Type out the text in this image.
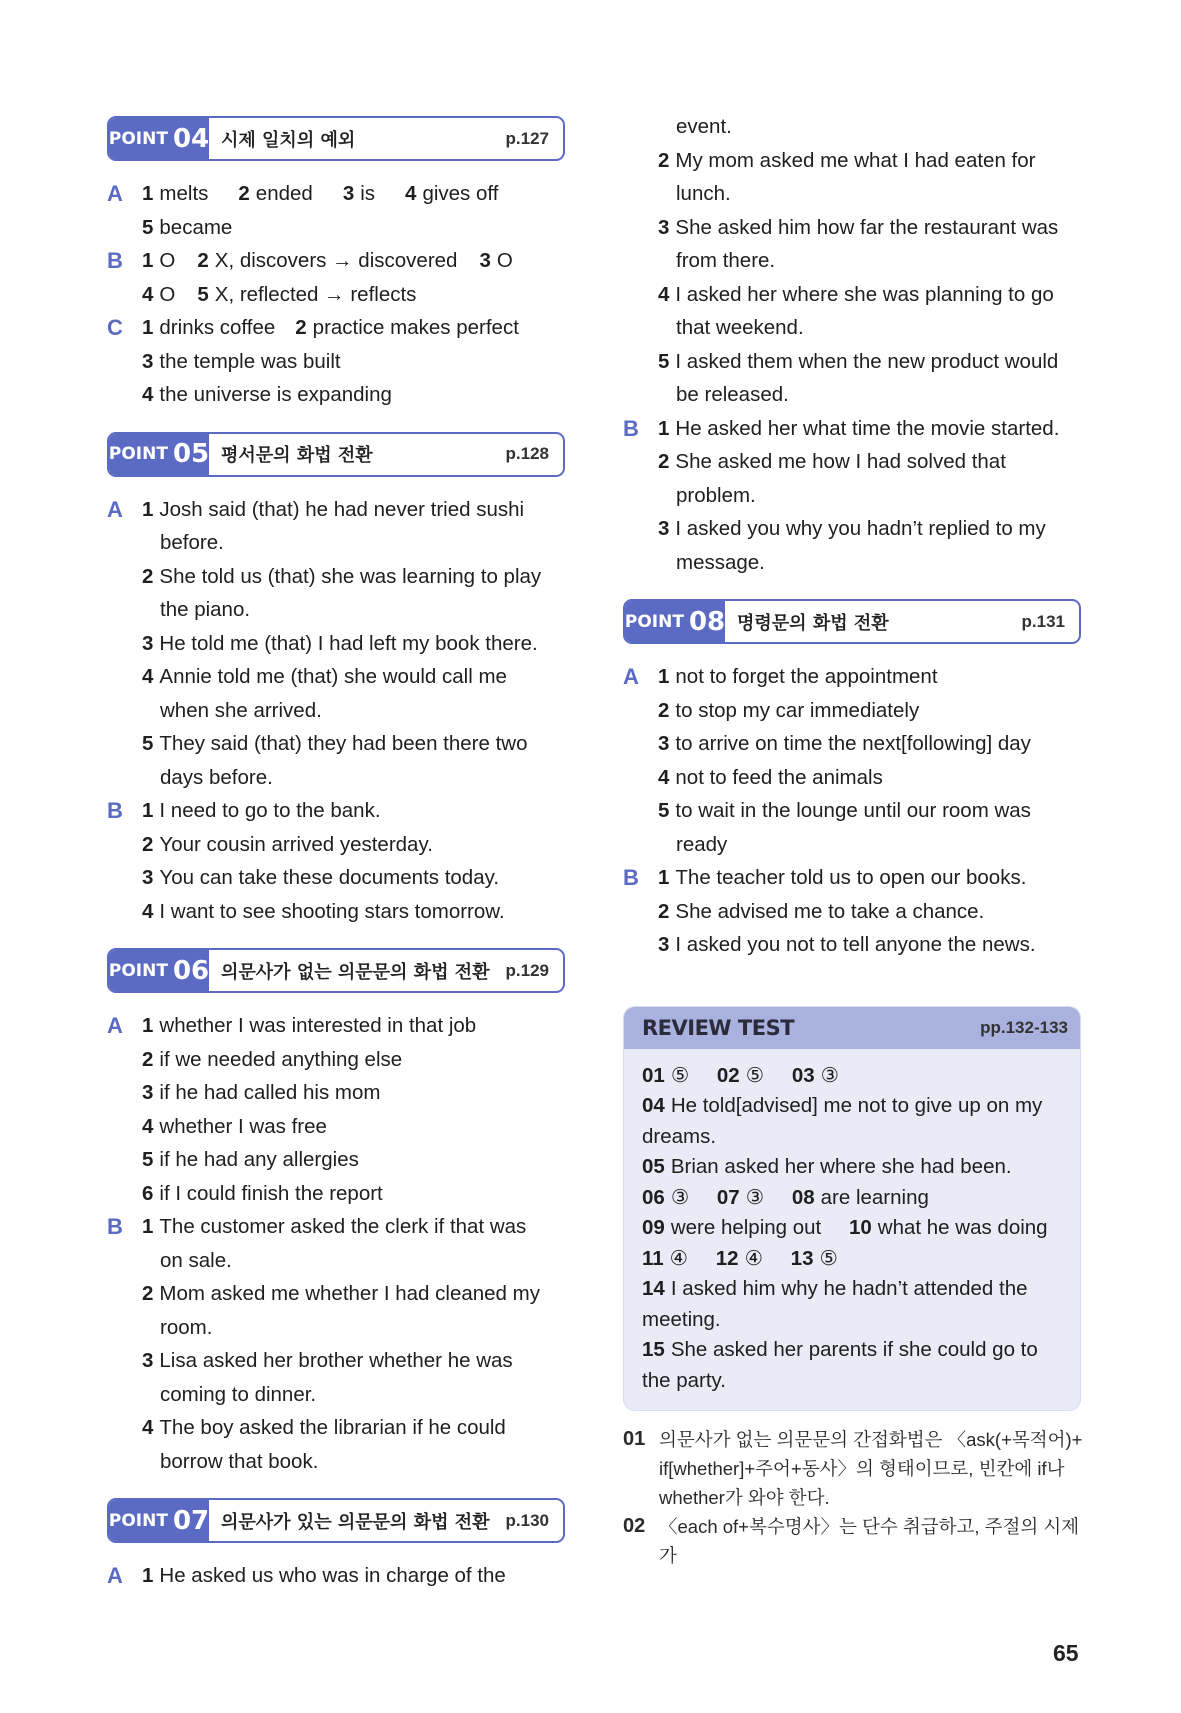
POINT 04 시제 일치의 예외	p.127
A 1 melts 2 ended 3 is 4 gives off
5 became
B 1 O 2 X, discovers → discovered 3 O
4 O 5 X, reflected → reflects
C 1 drinks coffee 2 practice makes perfect
3 the temple was built
4 the universe is expanding
POINT 05 평서문의 화법 전환	p.128
A 1 Josh said (that) he had never tried sushi
before.
2 She told us (that) she was learning to play
the piano.
3 He told me (that) I had left my book there.
4 Annie told me (that) she would call me
when she arrived.
5 They said (that) they had been there two
days before.
B 1 I need to go to the bank.
2 Your cousin arrived yesterday.
3 You can take these documents today.
4 I want to see shooting stars tomorrow.
POINT 06 의문사가 없는 의문문의 화법 전환 p.129
A 1 whether I was interested in that job
2 if we needed anything else
3 if he had called his mom
4 whether I was free
5 if he had any allergies
6 if I could finish the report
B 1 The customer asked the clerk if that was
on sale.
2 Mom asked me whether I had cleaned my
room.
3 Lisa asked her brother whether he was
coming to dinner.
4 The boy asked the librarian if he could
borrow that book.
POINT 07 의문사가 있는 의문문의 화법 전환 p.130
A 1 He asked us who was in charge of the
event.
2 My mom asked me what I had eaten for
lunch.
3 She asked him how far the restaurant was
from there.
4 I asked her where she was planning to go
that weekend.
5 I asked them when the new product would
be released.
B 1 He asked her what time the movie started.
2 She asked me how I had solved that
problem.
3 I asked you why you hadn’t replied to my
message.
POINT 08 명령문의 화법 전환	p.131
A 1 not to forget the appointment
2 to stop my car immediately
3 to arrive on time the next[following] day
4 not to feed the animals
5 to wait in the lounge until our room was
ready
B 1 The teacher told us to open our books.
2 She advised me to take a chance.
3 I asked you not to tell anyone the news.
REVIEW TEST	pp.132-133
01 ⑤ 02 ⑤ 03 ③
04 He told[advised] me not to give up on my
dreams.
05 Brian asked her where she had been.
06 ③ 07 ③ 08 are learning
09 were helping out 10 what he was doing
11 ④ 12 ④ 13 ⑤
14 I asked him why he hadn’t attended the
meeting.
15 She asked her parents if she could go to
the party.
01 의문사가 없는 의문문의 간접화법은 〈ask(+목적어)+
if[whether]+주어+동사〉의 형태이므로, 빈칸에 if나
whether가 와야 한다.
02 〈each of+복수명사〉는 단수 취급하고, 주절의 시제가
65
